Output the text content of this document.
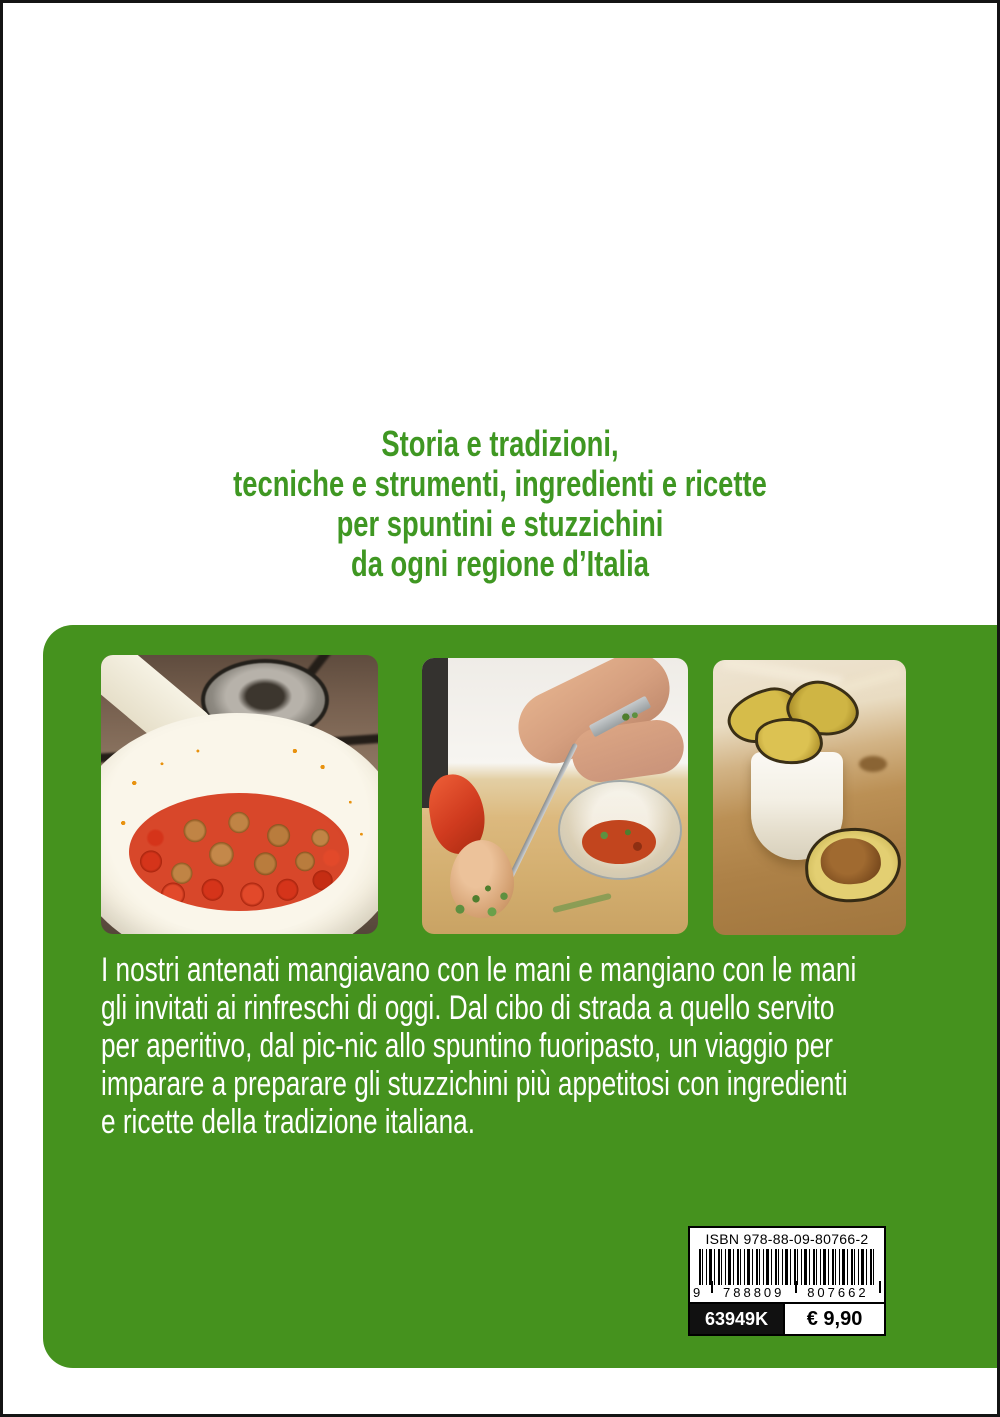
Storia e tradizioni,
tecniche e strumenti, ingredienti e ricette
per spuntini e stuzzichini
da ogni regione d’Italia
I nostri antenati mangiavano con le mani e mangiano con le mani
gli invitati ai rinfreschi di oggi. Dal cibo di strada a quello servito
per aperitivo, dal pic-nic allo spuntino fuoripasto, un viaggio per
imparare a preparare gli stuzzichini più appetitosi con ingredienti
e ricette della tradizione italiana.
ISBN 978-88-09-80766-2
9 788809 807662
63949K	€ 9,90
